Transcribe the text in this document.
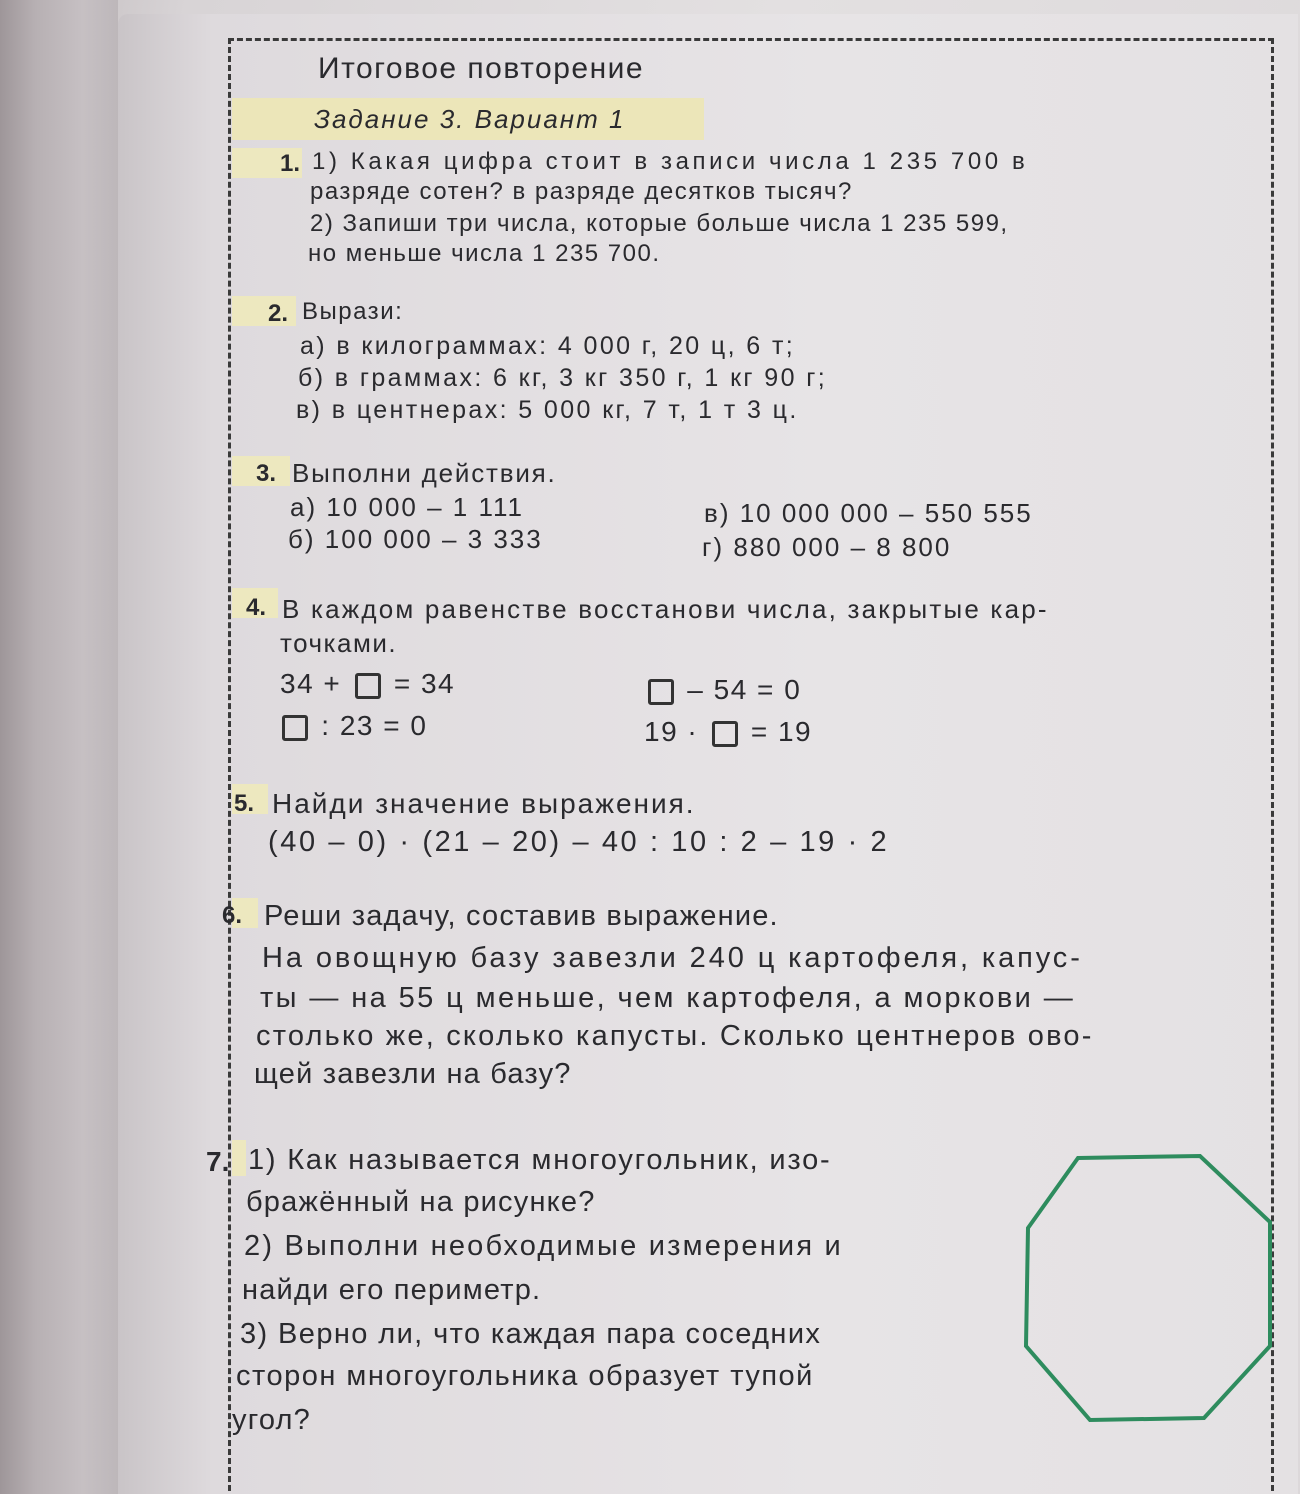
Итоговое повторение
Задание 3. Вариант 1
1. 1) Какая цифра стоит в записи числа 1 235 700 в
разряде сотен? в разряде десятков тысяч?
2) Запиши три числа, которые больше числа 1 235 599,
но меньше числа 1 235 700.
2. Вырази:
а) в килограммах: 4 000 г, 20 ц, 6 т;
б) в граммах: 6 кг, 3 кг 350 г, 1 кг 90 г;
в) в центнерах: 5 000 кг, 7 т, 1 т 3 ц.
3. Выполни действия.
а) 10 000 – 1 111
б) 100 000 – 3 333
в) 10 000 000 – 550 555
г) 880 000 – 8 800
4. В каждом равенстве восстанови числа, закрытые кар-
точками.
34 + = 34
: 23 = 0
– 54 = 0
19 · = 19
5. Найди значение выражения.
(40 – 0) · (21 – 20) – 40 : 10 : 2 – 19 · 2
6. Реши задачу, составив выражение.
На овощную базу завезли 240 ц картофеля, капус-
ты — на 55 ц меньше, чем картофеля, а моркови —
столько же, сколько капусты. Сколько центнеров ово-
щей завезли на базу?
7. 1) Как называется многоугольник, изо-
бражённый на рисунке?
2) Выполни необходимые измерения и
найди его периметр.
3) Верно ли, что каждая пара соседних
сторон многоугольника образует тупой
угол?
